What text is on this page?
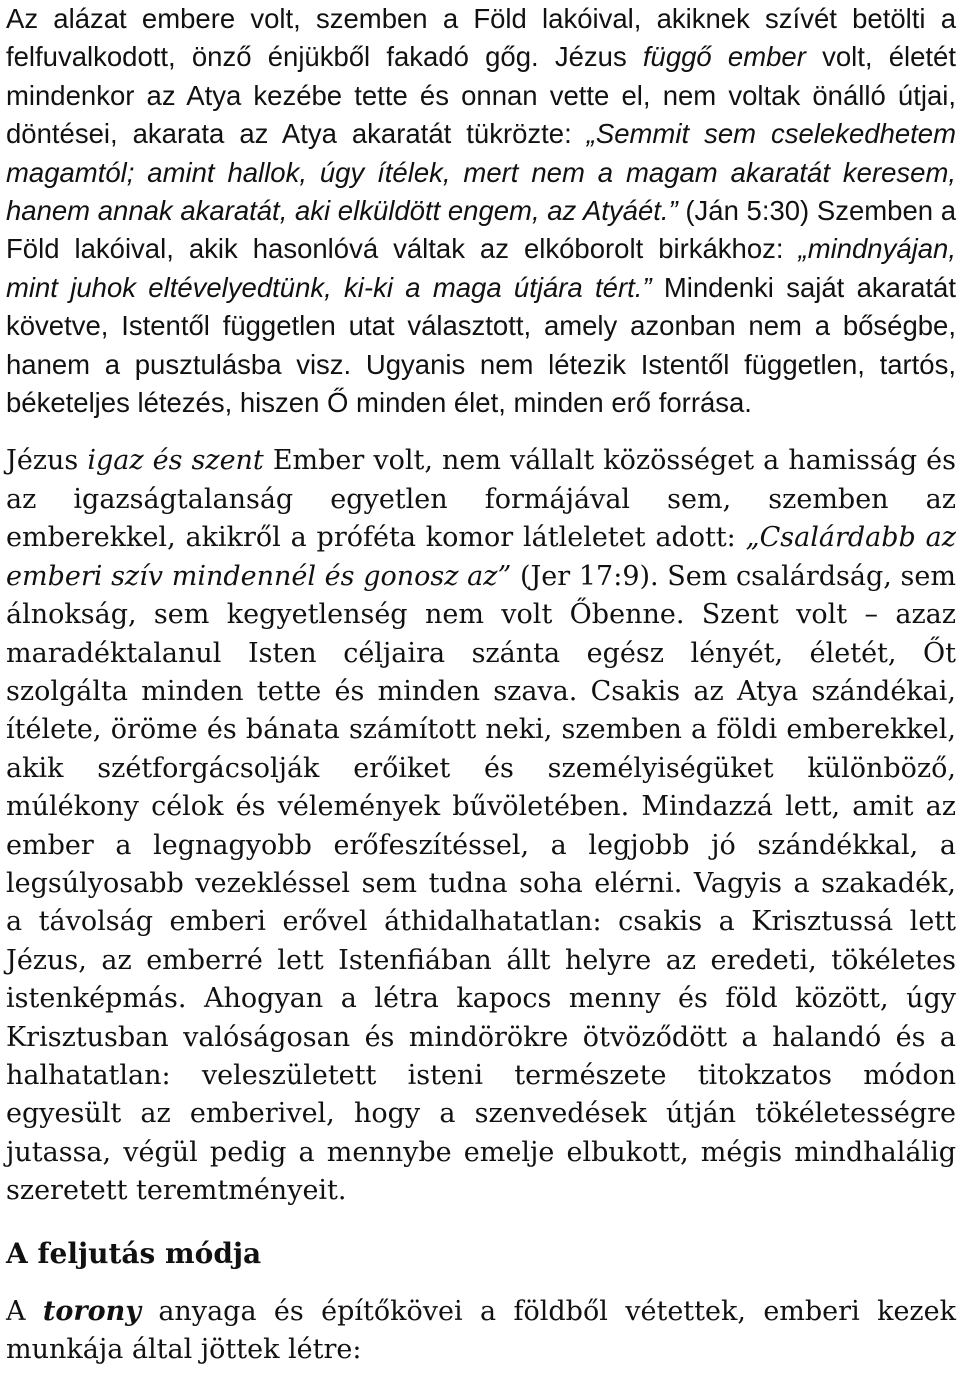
Az alázat embere volt, szemben a Föld lakóival, akiknek szívét betölti a felfuvalkodott, önző énjükből fakadó gőg. Jézus függő ember volt, életét mindenkor az Atya kezébe tette és onnan vette el, nem voltak önálló útjai, döntései, akarata az Atya akaratát tükrözte: „Semmit sem cselekedhetem magamtól; amint hallok, úgy ítélek, mert nem a magam akaratát keresem, hanem annak akaratát, aki elküldött engem, az Atyáét.” (Ján 5:30) Szemben a Föld lakóival, akik hasonlóvá váltak az elkóborolt birkákhoz: „mindnyájan, mint juhok eltévelyedtünk, ki-ki a maga útjára tért.” Mindenki saját akaratát követve, Istentől független utat választott, amely azonban nem a bőségbe, hanem a pusztulásba visz. Ugyanis nem létezik Istentől független, tartós, béketeljes létezés, hiszen Ő minden élet, minden erő forrása.

Jézus igaz és szent Ember volt, nem vállalt közösséget a hamisság és az igazságtalanság egyetlen formájával sem, szemben az emberekkel, akikről a próféta komor látleletet adott: „Csalárdabb az emberi szív mindennél és gonosz az” (Jer 17:9). Sem csalárdság, sem álnokság, sem kegyetlenség nem volt Őbenne. Szent volt – azaz maradéktalanul Isten céljaira szánta egész lényét, életét, Őt szolgálta minden tette és minden szava. Csakis az Atya szándékai, ítélete, öröme és bánata számított neki, szemben a földi emberekkel, akik szétforgácsolják erőiket és személyiségüket különböző, múlékony célok és vélemények bűvöletében. Mindazzá lett, amit az ember a legnagyobb erőfeszítéssel, a legjobb jó szándékkal, a legsúlyosabb vezekléssel sem tudna soha elérni. Vagyis a szakadék, a távolság emberi erővel áthidalhatatlan: csakis a Krisztussá lett Jézus, az emberré lett Istenfiában állt helyre az eredeti, tökéletes istenképmás. Ahogyan a létra kapocs menny és föld között, úgy Krisztusban valóságosan és mindörökre ötvöződött a halandó és a halhatatlan: veleszületett isteni természete titokzatos módon egyesült az emberivel, hogy a szenvedések útján tökéletességre jutassa, végül pedig a mennybe emelje elbukott, mégis mindhalálig szeretett teremtményeit.

A feljutás módja

A torony anyaga és építőkövei a földből vétettek, emberi kezek munkája által jöttek létre:
